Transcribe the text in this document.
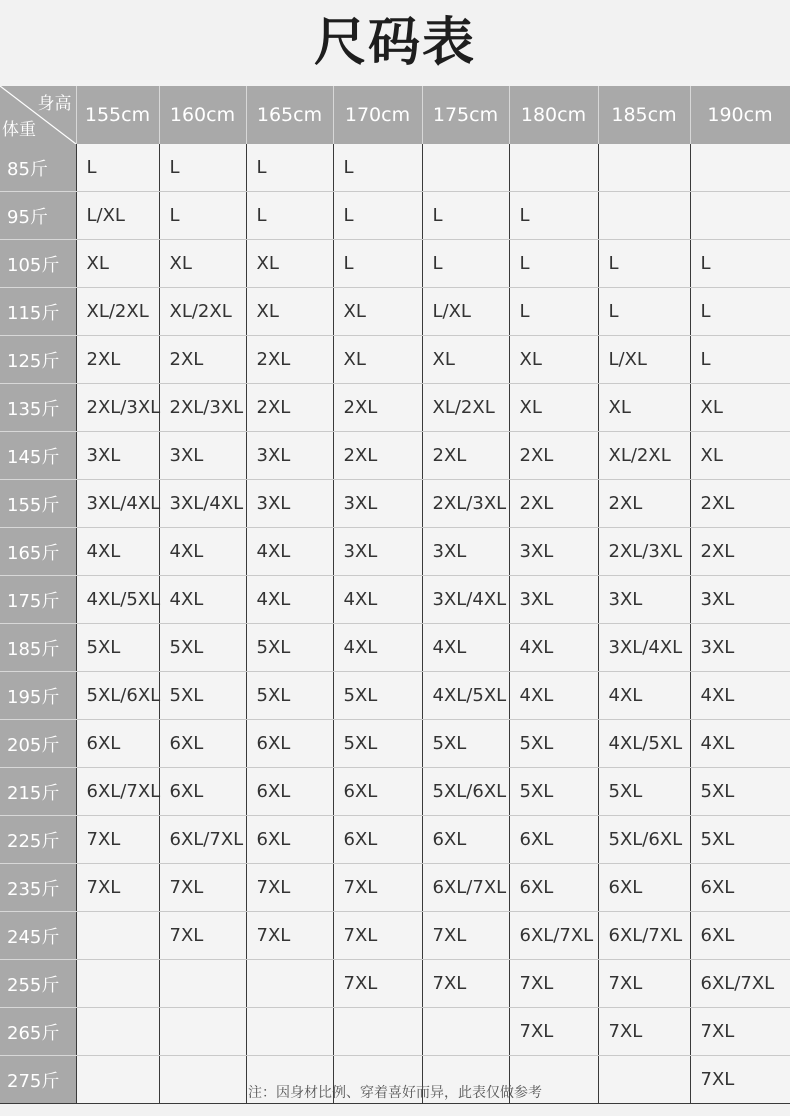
尺码表
身高
体重	155cm	160cm	165cm	170cm	175cm	180cm	185cm	190cm
85斤	L	L	L	L				
95斤	L/XL	L	L	L	L	L		
105斤	XL	XL	XL	L	L	L	L	L
115斤	XL/2XL	XL/2XL	XL	XL	L/XL	L	L	L
125斤	2XL	2XL	2XL	XL	XL	XL	L/XL	L
135斤	2XL/3XL	2XL/3XL	2XL	2XL	XL/2XL	XL	XL	XL
145斤	3XL	3XL	3XL	2XL	2XL	2XL	XL/2XL	XL
155斤	3XL/4XL	3XL/4XL	3XL	3XL	2XL/3XL	2XL	2XL	2XL
165斤	4XL	4XL	4XL	3XL	3XL	3XL	2XL/3XL	2XL
175斤	4XL/5XL	4XL	4XL	4XL	3XL/4XL	3XL	3XL	3XL
185斤	5XL	5XL	5XL	4XL	4XL	4XL	3XL/4XL	3XL
195斤	5XL/6XL	5XL	5XL	5XL	4XL/5XL	4XL	4XL	4XL
205斤	6XL	6XL	6XL	5XL	5XL	5XL	4XL/5XL	4XL
215斤	6XL/7XL	6XL	6XL	6XL	5XL/6XL	5XL	5XL	5XL
225斤	7XL	6XL/7XL	6XL	6XL	6XL	6XL	5XL/6XL	5XL
235斤	7XL	7XL	7XL	7XL	6XL/7XL	6XL	6XL	6XL
245斤		7XL	7XL	7XL	7XL	6XL/7XL	6XL/7XL	6XL
255斤				7XL	7XL	7XL	7XL	6XL/7XL
265斤						7XL	7XL	7XL
275斤								7XL
注：因身材比例、穿着喜好而异，此表仅做参考
